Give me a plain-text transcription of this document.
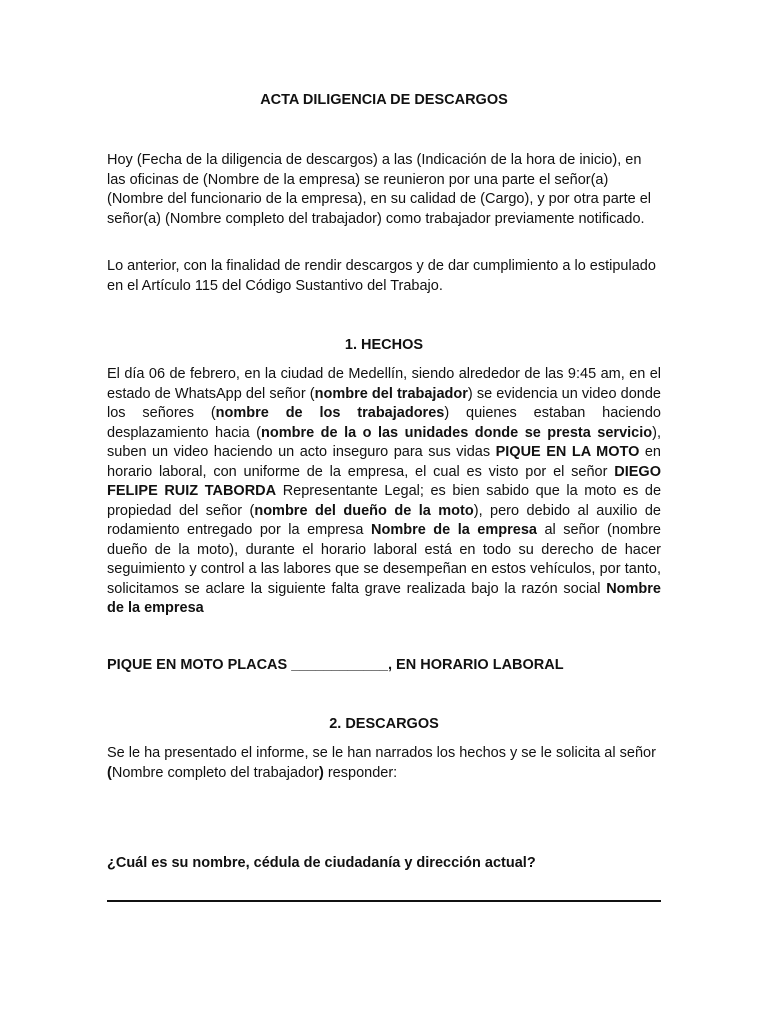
ACTA DILIGENCIA DE DESCARGOS

Hoy (Fecha de la diligencia de descargos) a las (Indicación de la hora de inicio), en las oficinas de (Nombre de la empresa) se reunieron por una parte el señor(a) (Nombre del funcionario de la empresa), en su calidad de (Cargo), y por otra parte el señor(a) (Nombre completo del trabajador) como trabajador previamente notificado.

Lo anterior, con la finalidad de rendir descargos y de dar cumplimiento a lo estipulado en el Artículo 115 del Código Sustantivo del Trabajo.

1. HECHOS

El día 06 de febrero, en la ciudad de Medellín, siendo alrededor de las 9:45 am, en el estado de WhatsApp del señor (nombre del trabajador) se evidencia un video donde los señores (nombre de los trabajadores) quienes estaban haciendo desplazamiento hacia (nombre de la o las unidades donde se presta servicio), suben un video haciendo un acto inseguro para sus vidas PIQUE EN LA MOTO en horario laboral, con uniforme de la empresa, el cual es visto por el señor DIEGO FELIPE RUIZ TABORDA Representante Legal; es bien sabido que la moto es de propiedad del señor (nombre del dueño de la moto), pero debido al auxilio de rodamiento entregado por la empresa Nombre de la empresa al señor (nombre dueño de la moto), durante el horario laboral está en todo su derecho de hacer seguimiento y control a las labores que se desempeñan en estos vehículos, por tanto, solicitamos se aclare la siguiente falta grave realizada bajo la razón social Nombre de la empresa

PIQUE EN MOTO PLACAS ____________, EN HORARIO LABORAL
2. DESCARGOS

Se le ha presentado el informe, se le han narrados los hechos y se le solicita al señor (Nombre completo del trabajador) responder:

¿Cuál es su nombre, cédula de ciudadanía y dirección actual?
